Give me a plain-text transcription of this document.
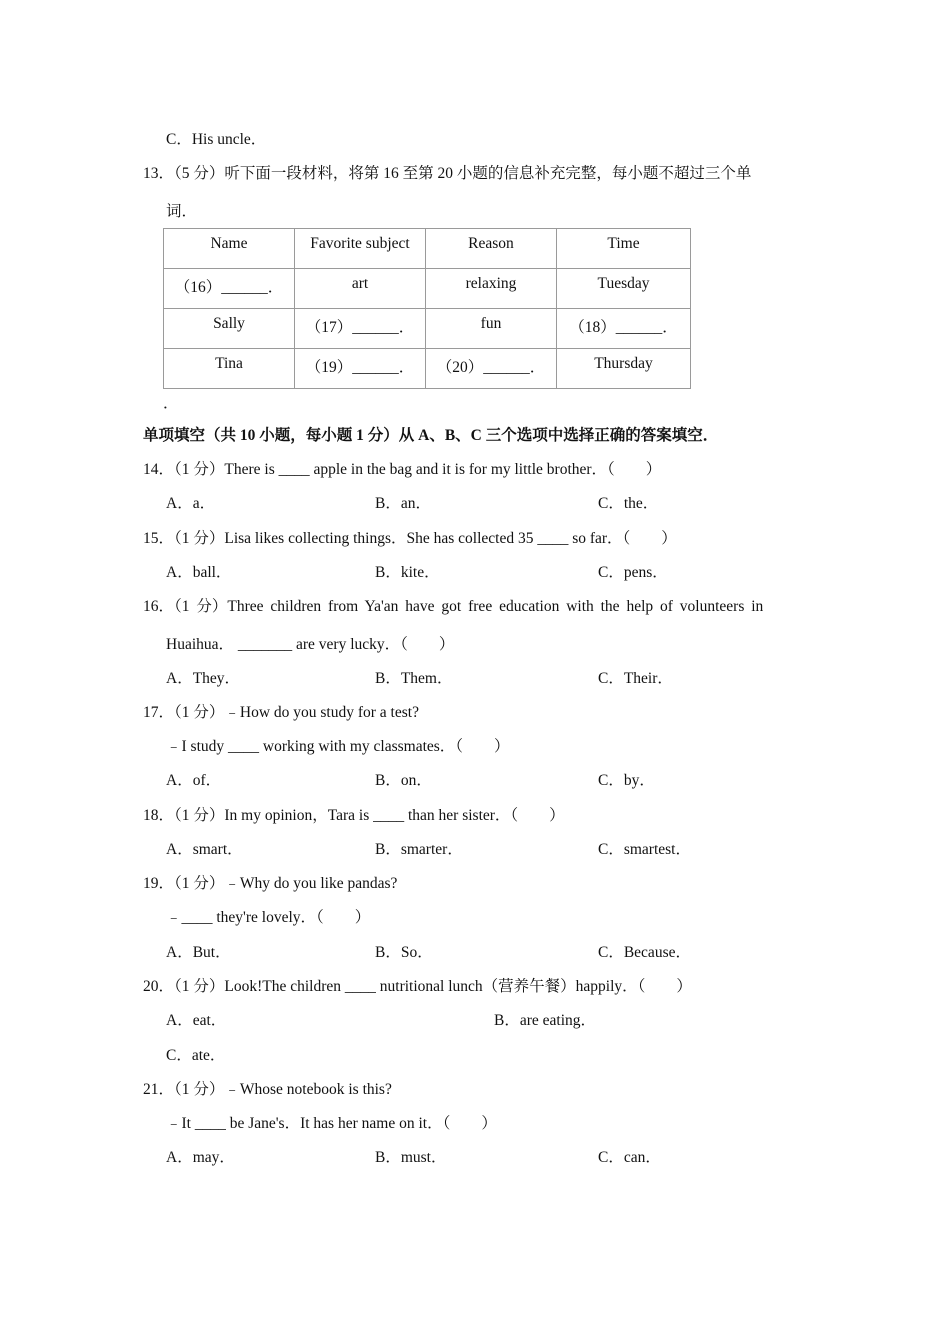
C．His uncle．
13．（5 分）听下面一段材料，将第 16 至第 20 小题的信息补充完整，每小题不超过三个单
词．
Name	Favorite subject	Reason	Time
（16）______．	art	relaxing	Tuesday
Sally	（17）______．	fun	（18）______．
Tina	（19）______．	（20）______．	Thursday
．
单项填空（共 10 小题，每小题 1 分）从 A、B、C 三个选项中选择正确的答案填空．
14．（1 分）There is ____ apple in the bag and it is for my little brother．（　　）
A．a．	B．an．	C．the．
15．（1 分）Lisa likes collecting things．She has collected 35 ____ so far．（　　）
A．ball．	B．kite．	C．pens．
16．（1 分）Three children from Ya'an have got free education with the help of volunteers in
Huaihua． _______ are very lucky．（　　）
A．They．	B．Them．	C．Their．
17．（1 分）﹣How do you study for a test?
﹣I study ____ working with my classmates．（　　）
A．of．	B．on．	C．by．
18．（1 分）In my opinion，Tara is ____ than her sister．（　　）
A．smart．	B．smarter．	C．smartest．
19．（1 分）﹣Why do you like pandas?
﹣____ they're lovely．（　　）
A．But．	B．So．	C．Because．
20．（1 分）Look!The children ____ nutritional lunch（营养午餐）happily．（　　）
A．eat．	B．are eating．
C．ate．
21．（1 分）﹣Whose notebook is this?
﹣It ____ be Jane's．It has her name on it．（　　）
A．may．	B．must．	C．can．
